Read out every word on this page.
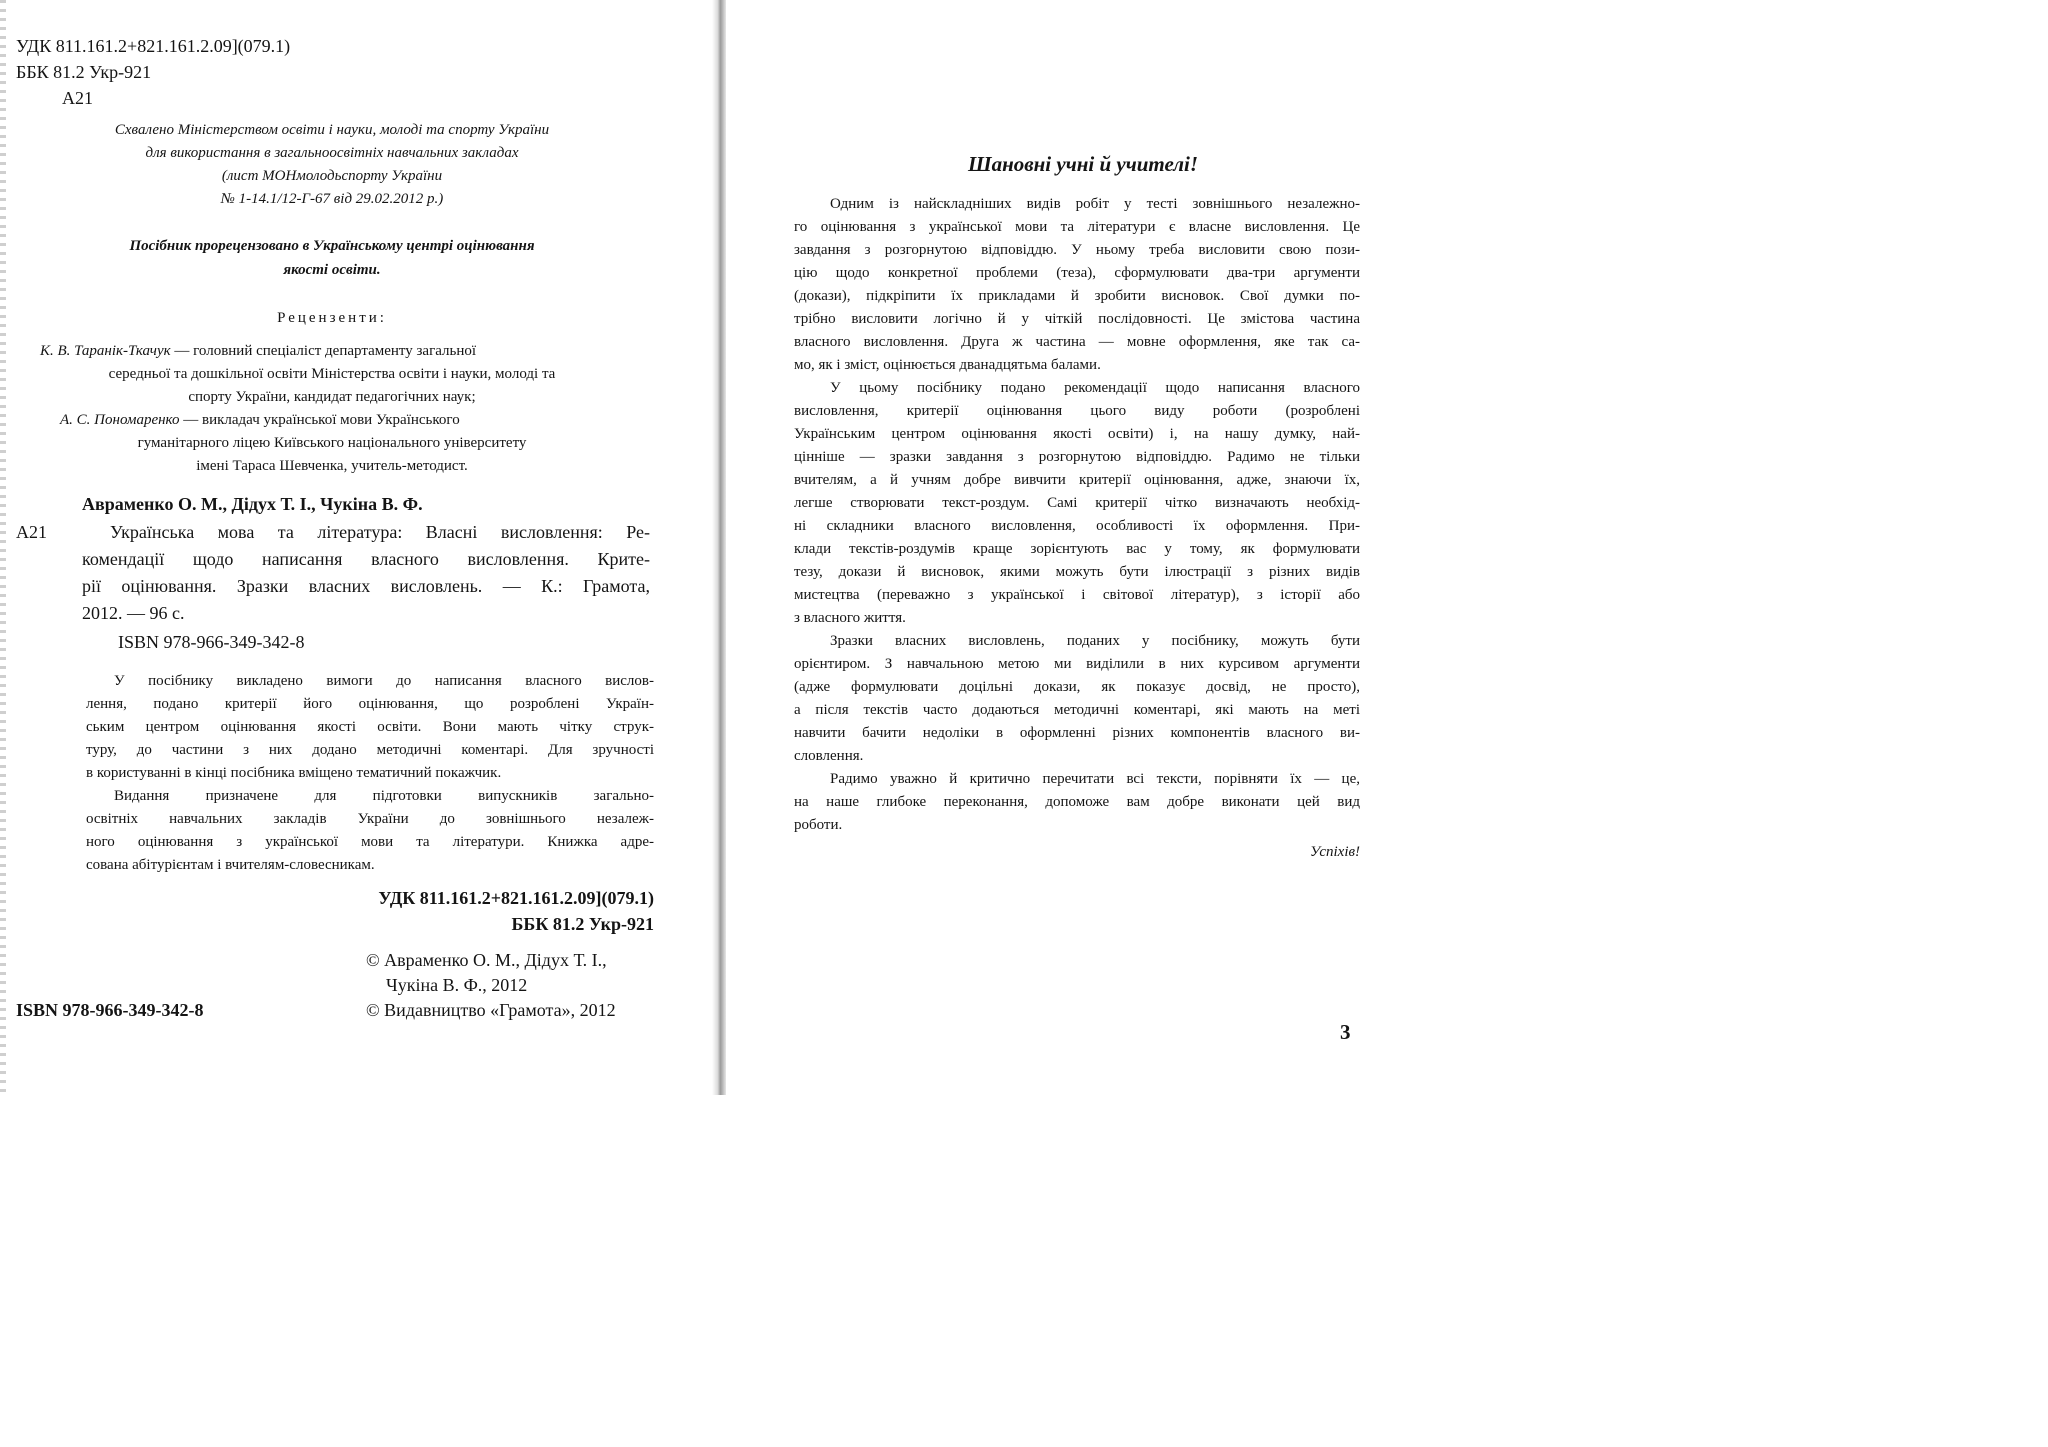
УДК 811.161.2+821.161.2.09](079.1)
ББК 81.2 Укр-921
А21
Схвалено Міністерством освіти і науки, молоді та спорту України
для використання в загальноосвітніх навчальних закладах
(лист МОНмолодьспорту України
№ 1-14.1/12-Г-67 від 29.02.2012 р.)
Посібник прорецензовано в Українському центрі оцінювання
якості освіти.
Рецензенти:
К. В. Таранік-Ткачук — головний спеціаліст департаменту загальної
середньої та дошкільної освіти Міністерства освіти і науки, молоді та
спорту України, кандидат педагогічних наук;
А. С. Пономаренко — викладач української мови Українського
гуманітарного ліцею Київського національного університету
імені Тараса Шевченка, учитель-методист.
Авраменко О. М., Дідух Т. І., Чукіна В. Ф.
А21	Українська мова та література: Власні висловлення: Ре-
комендації щодо написання власного висловлення. Крите-
рії оцінювання. Зразки власних висловлень. — К.: Грамота,
2012. — 96 с.
ISBN 978-966-349-342-8
У посібнику викладено вимоги до написання власного вислов-
лення, подано критерії його оцінювання, що розроблені Україн-
ським центром оцінювання якості освіти. Вони мають чітку струк-
туру, до частини з них додано методичні коментарі. Для зручності
в користуванні в кінці посібника вміщено тематичний покажчик.
Видання призначене для підготовки випускників загально-
освітніх навчальних закладів України до зовнішнього незалеж-
ного оцінювання з української мови та літератури. Книжка адре-
сована абітурієнтам і вчителям-словесникам.
УДК 811.161.2+821.161.2.09](079.1)
ББК 81.2 Укр-921
© Авраменко О. М., Дідух Т. І.,
Чукіна В. Ф., 2012
© Видавництво «Грамота», 2012
ISBN 978-966-349-342-8
Шановні учні й учителі!
Одним із найскладніших видів робіт у тесті зовнішнього незалежно-
го оцінювання з української мови та літератури є власне висловлення. Це
завдання з розгорнутою відповіддю. У ньому треба висловити свою пози-
цію щодо конкретної проблеми (теза), сформулювати два-три аргументи
(докази), підкріпити їх прикладами й зробити висновок. Свої думки по-
трібно висловити логічно й у чіткій послідовності. Це змістова частина
власного висловлення. Друга ж частина — мовне оформлення, яке так са-
мо, як і зміст, оцінюється дванадцятьма балами.
У цьому посібнику подано рекомендації щодо написання власного
висловлення, критерії оцінювання цього виду роботи (розроблені
Українським центром оцінювання якості освіти) і, на нашу думку, най-
цінніше — зразки завдання з розгорнутою відповіддю. Радимо не тільки
вчителям, а й учням добре вивчити критерії оцінювання, адже, знаючи їх,
легше створювати текст-роздум. Самі критерії чітко визначають необхід-
ні складники власного висловлення, особливості їх оформлення. При-
клади текстів-роздумів краще зорієнтують вас у тому, як формулювати
тезу, докази й висновок, якими можуть бути ілюстрації з різних видів
мистецтва (переважно з української і світової літератур), з історії або
з власного життя.
Зразки власних висловлень, поданих у посібнику, можуть бути
орієнтиром. З навчальною метою ми виділили в них курсивом аргументи
(адже формулювати доцільні докази, як показує досвід, не просто),
а після текстів часто додаються методичні коментарі, які мають на меті
навчити бачити недоліки в оформленні різних компонентів власного ви-
словлення.
Радимо уважно й критично перечитати всі тексти, порівняти їх — це,
на наше глибоке переконання, допоможе вам добре виконати цей вид
роботи.
Успіхів!
3
